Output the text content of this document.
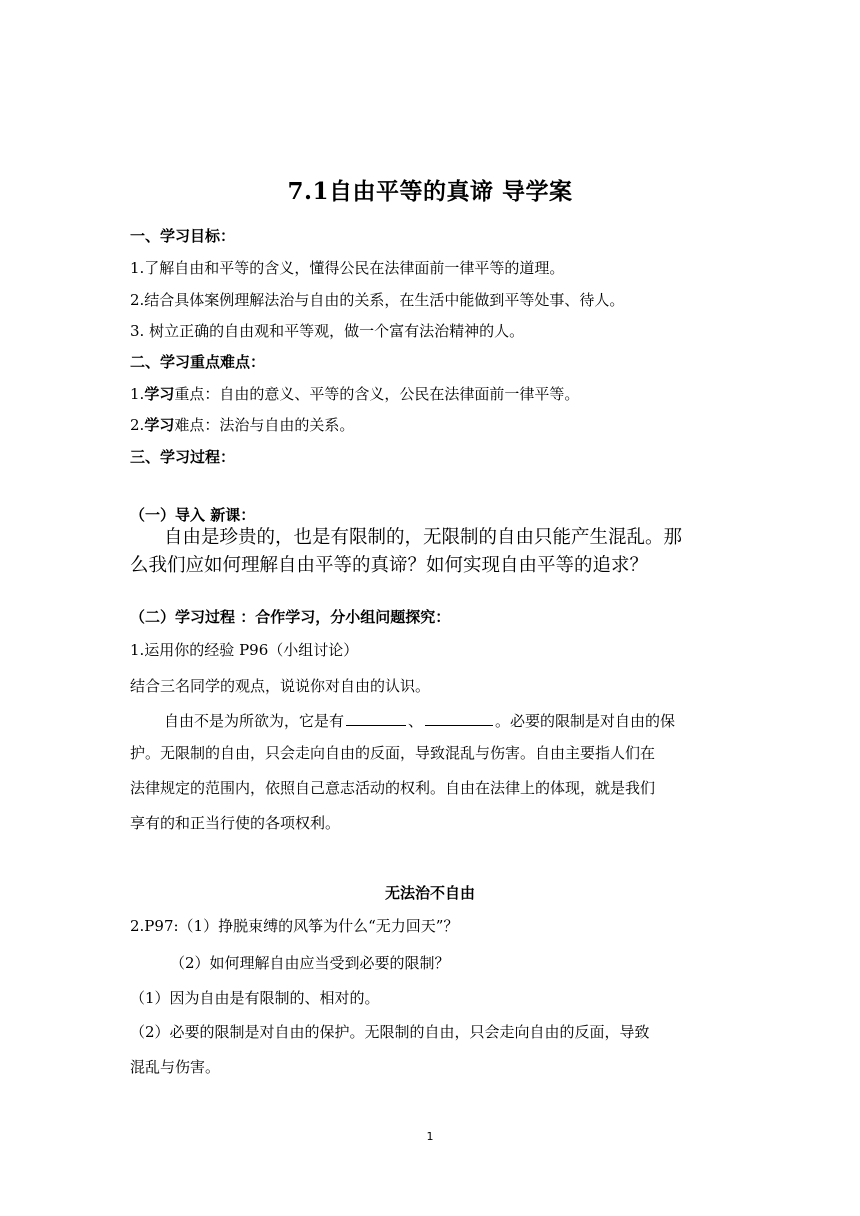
7.1自由平等的真谛 导学案
一、学习目标：
1.了解自由和平等的含义，懂得公民在法律面前一律平等的道理。
2.结合具体案例理解法治与自由的关系，在生活中能做到平等处事、待人。
3. 树立正确的自由观和平等观，做一个富有法治精神的人。
二、学习重点难点：
1.学习重点：自由的意义、平等的含义，公民在法律面前一律平等。
2.学习难点：法治与自由的关系。
三、学习过程：
（一）导入 新课：
自由是珍贵的，也是有限制的，无限制的自由只能产生混乱。那
么我们应如何理解自由平等的真谛？如何实现自由平等的追求？
（二）学习过程 ：合作学习，分小组问题探究：
1.运用你的经验 P96（小组讨论）
结合三名同学的观点，说说你对自由的认识。
自由不是为所欲为，它是有	、	。必要的限制是对自由的保
护。无限制的自由，只会走向自由的反面，导致混乱与伤害。自由主要指人们在
法律规定的范围内，依照自己意志活动的权利。自由在法律上的体现，就是我们
享有的和正当行使的各项权利。
无法治不自由
2.P97:（1）挣脱束缚的风筝为什么“无力回天”？
（2）如何理解自由应当受到必要的限制？
（1）因为自由是有限制的、相对的。
（2）必要的限制是对自由的保护。无限制的自由，只会走向自由的反面，导致
混乱与伤害。
1
